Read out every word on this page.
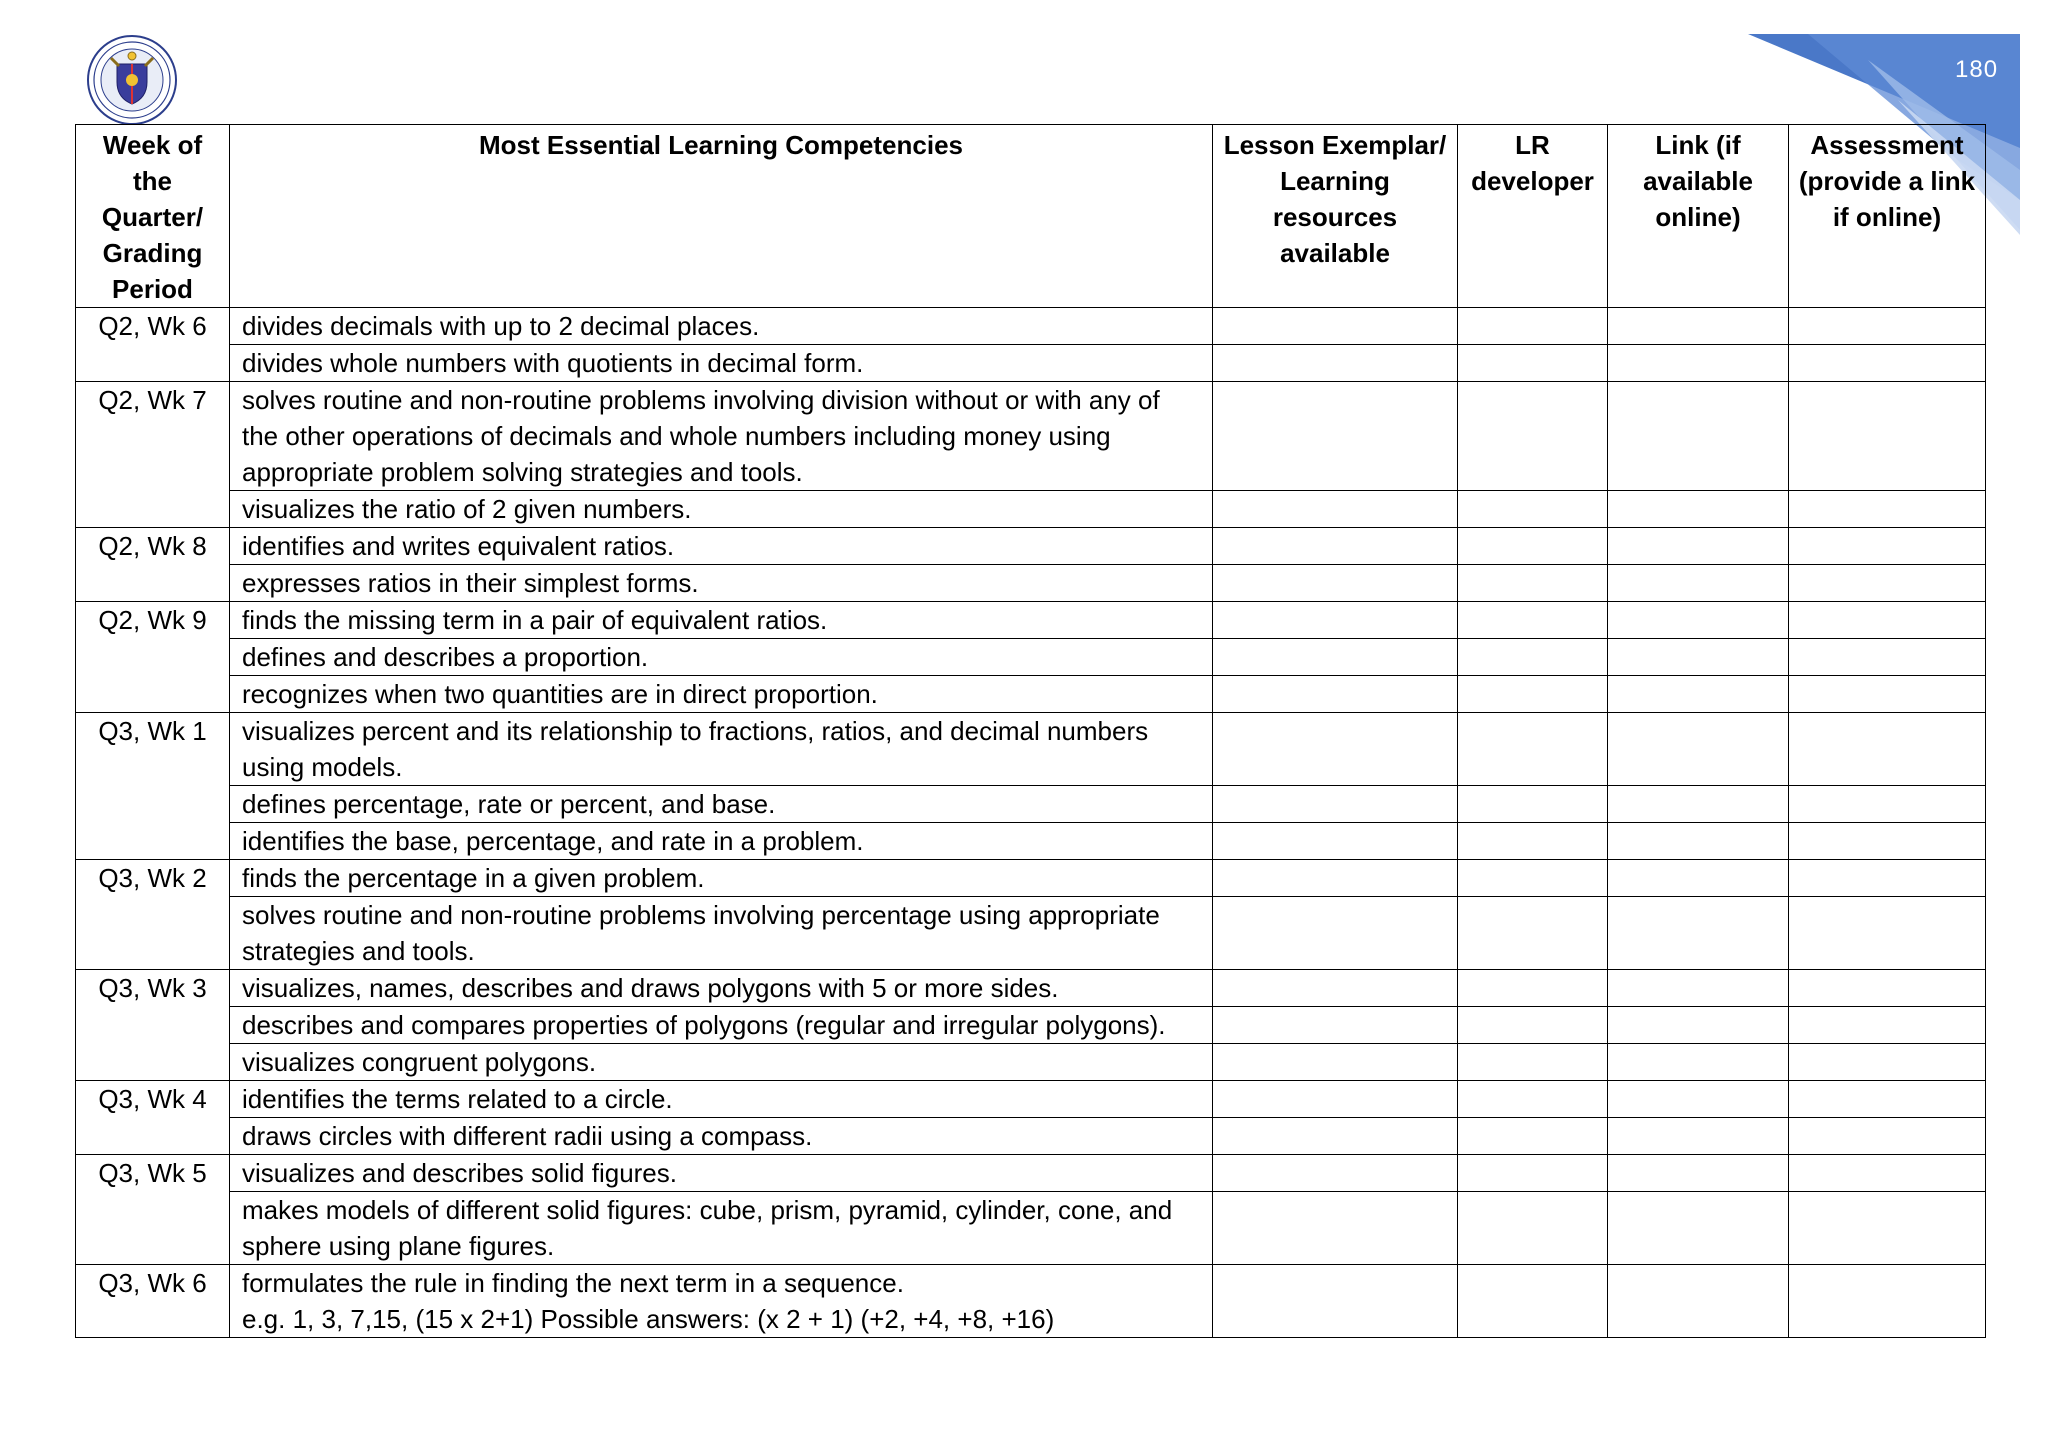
180
Week of the Quarter/ Grading Period	Most Essential Learning Competencies	Lesson Exemplar/ Learning resources available	LR developer	Link (if available online)	Assessment (provide a link if online)
Q2, Wk 6	divides decimals with up to 2 decimal places.				
	divides whole numbers with quotients in decimal form.				
Q2, Wk 7	solves routine and non-routine problems involving division without or with any of the other operations of decimals and whole numbers including money using appropriate problem solving strategies and tools.				
	visualizes the ratio of 2 given numbers.				
Q2, Wk 8	identifies and writes equivalent ratios.				
	expresses ratios in their simplest forms.				
Q2, Wk 9	finds the missing term in a pair of equivalent ratios.				
	defines and describes a proportion.				
	recognizes when two quantities are in direct proportion.				
Q3, Wk 1	visualizes percent and its relationship to fractions, ratios, and decimal numbers using models.				
	defines percentage, rate or percent, and base.				
	identifies the base, percentage, and rate in a problem.				
Q3, Wk 2	finds the percentage in a given problem.				
	solves routine and non-routine problems involving percentage using appropriate strategies and tools.				
Q3, Wk 3	visualizes, names, describes and draws polygons with 5 or more sides.				
	describes and compares properties of polygons (regular and irregular polygons).				
	visualizes congruent polygons.				
Q3, Wk 4	identifies the terms related to a circle.				
	draws circles with different radii using a compass.				
Q3, Wk 5	visualizes and describes solid figures.				
	makes models of different solid figures: cube, prism, pyramid, cylinder, cone, and sphere using plane figures.				
Q3, Wk 6	formulates the rule in finding the next term in a sequence.
e.g. 1, 3, 7,15, (15 x 2+1) Possible answers: (x 2 + 1) (+2, +4, +8, +16)				
